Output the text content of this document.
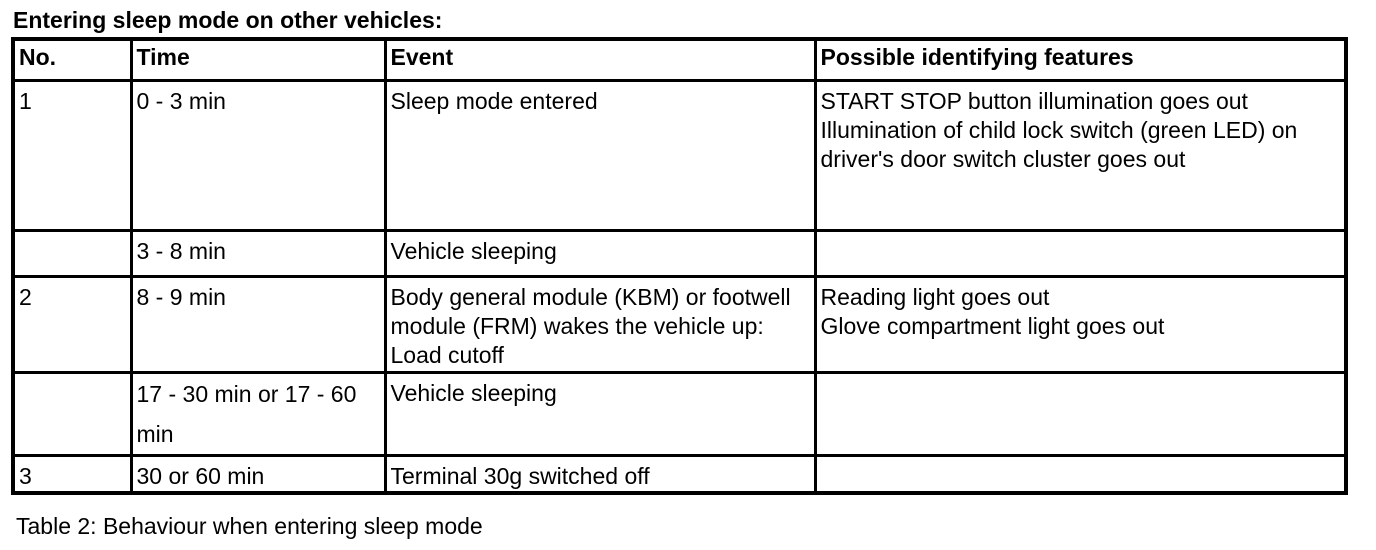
Entering sleep mode on other vehicles:
No.	Time	Event	Possible identifying features
1	0 - 3 min	Sleep mode entered	START STOP button illumination goes out
Illumination of child lock switch (green LED) on driver's door switch cluster goes out

	3 - 8 min	Vehicle sleeping	
2	8 - 9 min	Body general module (KBM) or footwell module (FRM) wakes the vehicle up: Load cutoff	Reading light goes out
Glove compartment light goes out

	17 - 30 min or 17 - 60 min	Vehicle sleeping	
3	30 or 60 min	Terminal 30g switched off	
Table 2: Behaviour when entering sleep mode
